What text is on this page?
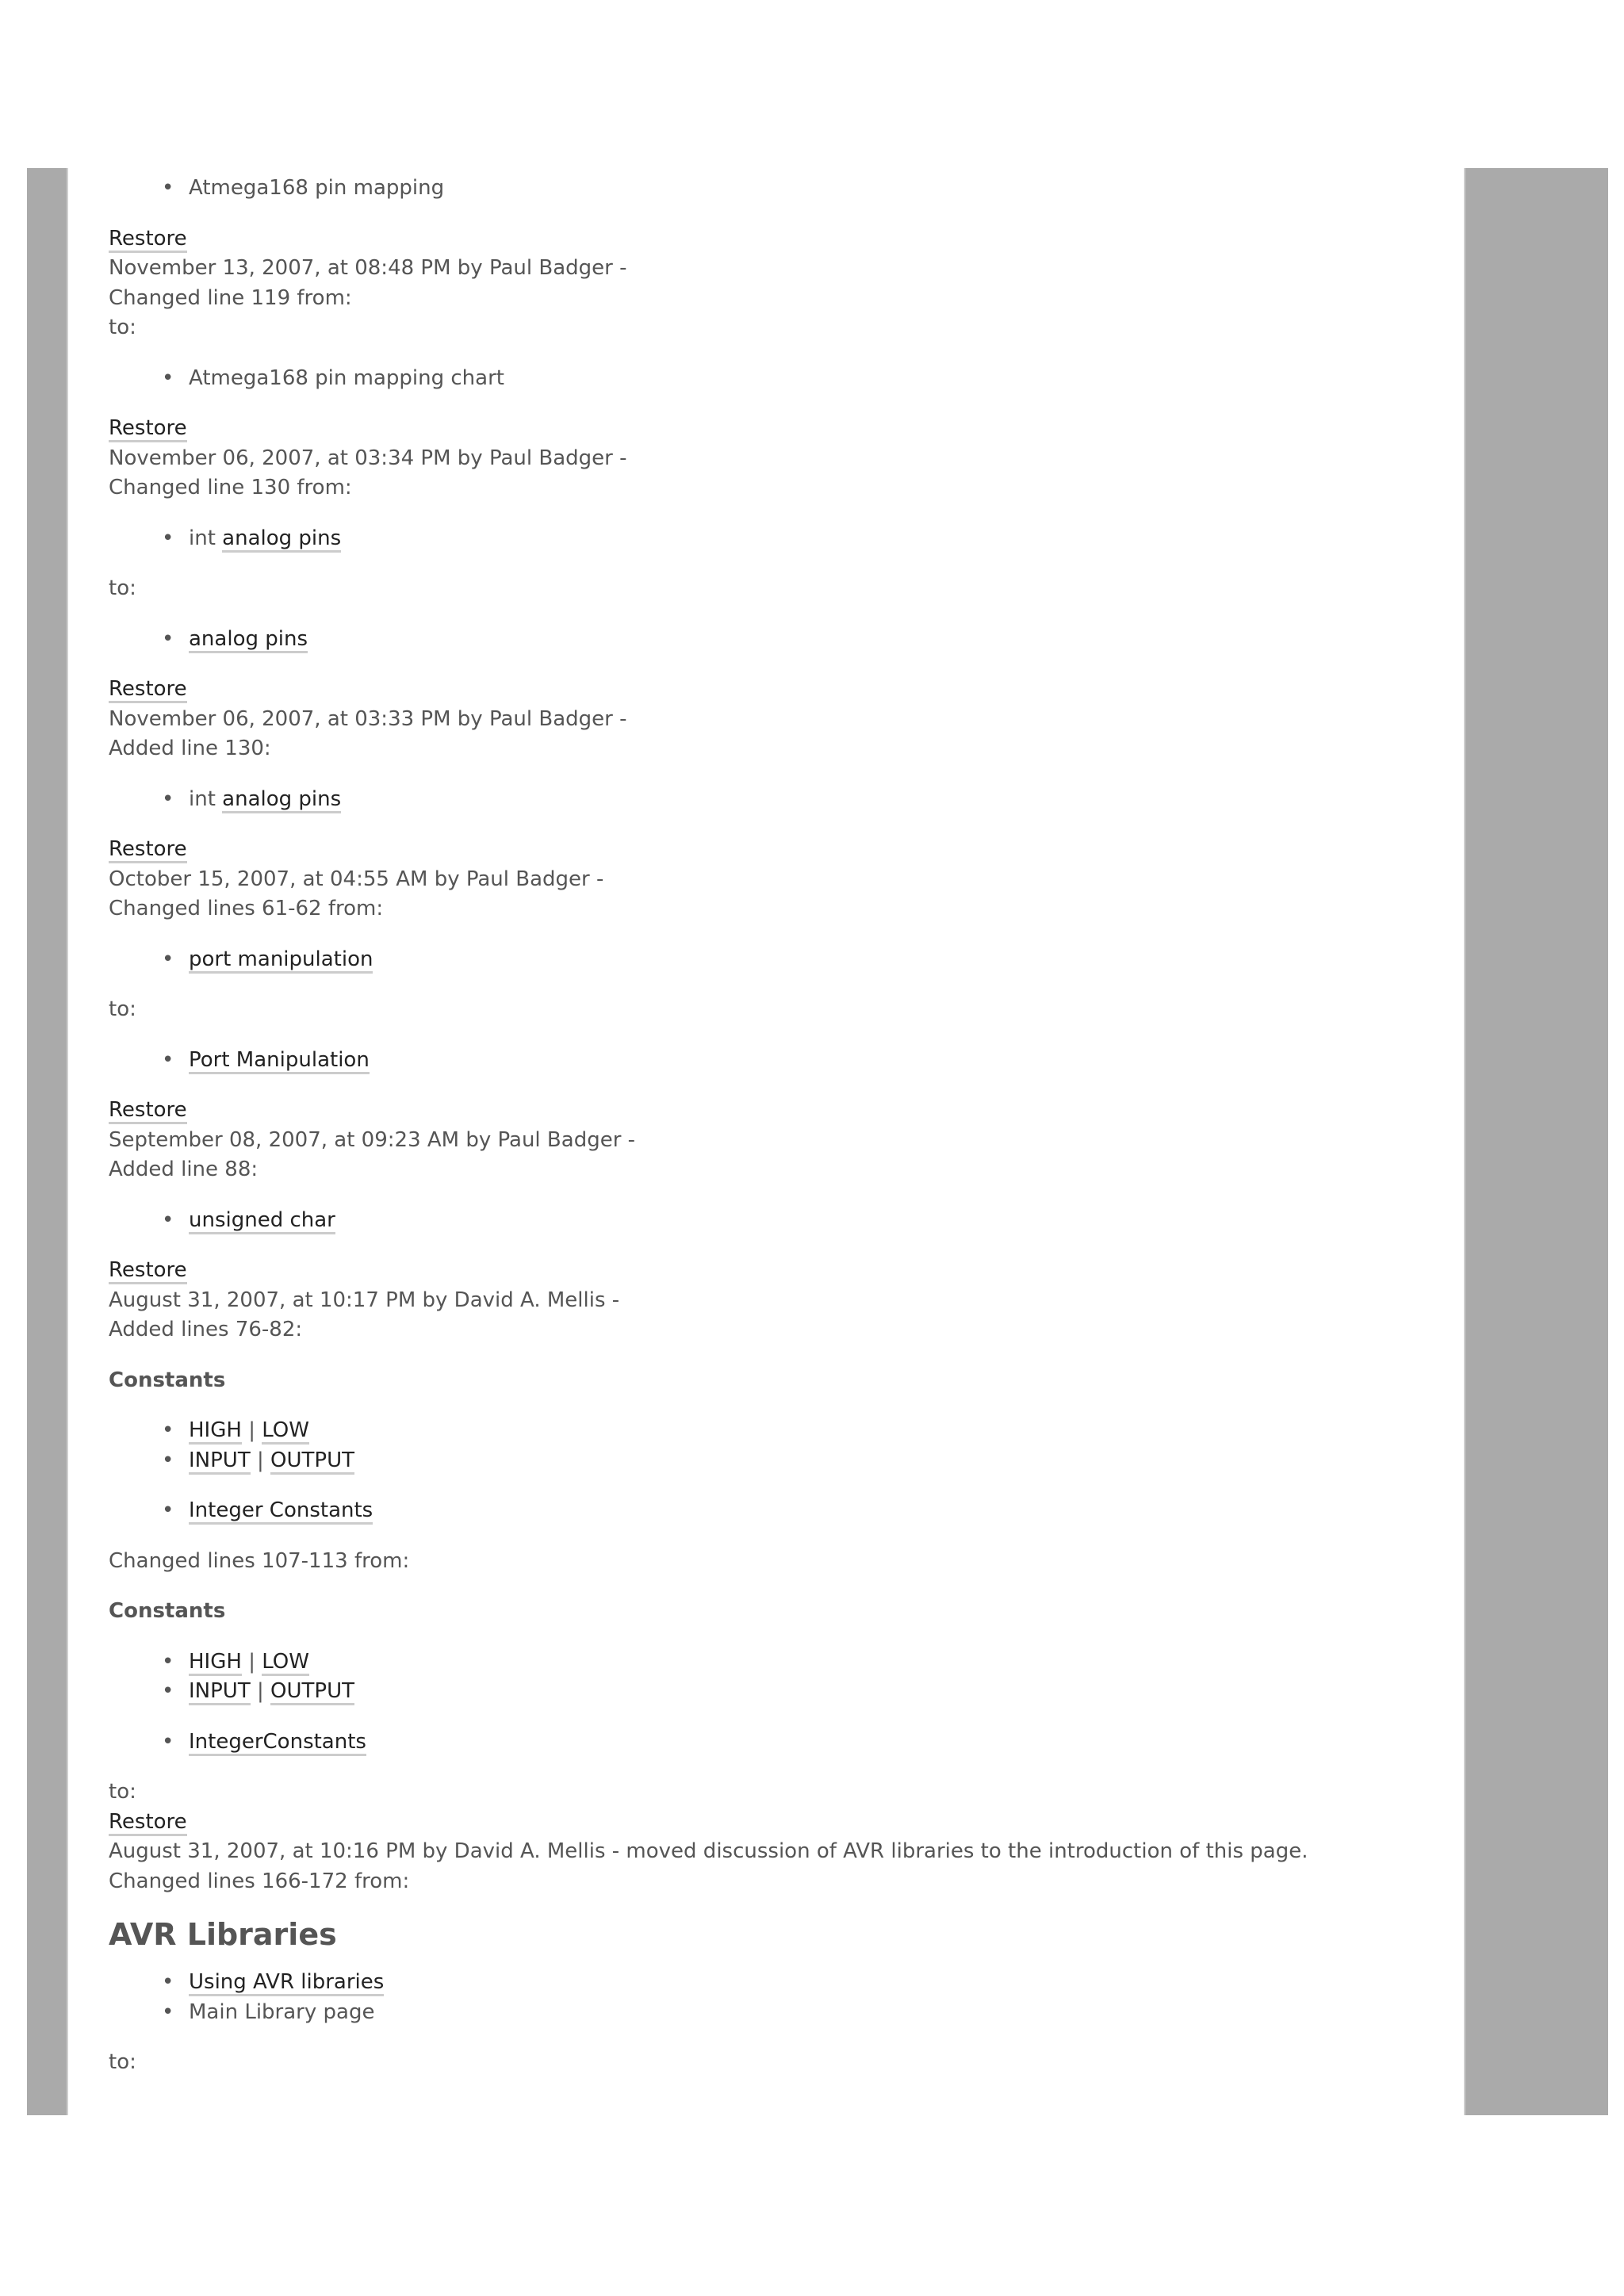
• Atmega168 pin mapping

Restore

November 13, 2007, at 08:48 PM by Paul Badger -

Changed line 119 from:

to:

• Atmega168 pin mapping chart

Restore

November 06, 2007, at 03:34 PM by Paul Badger -

Changed line 130 from:

• int analog pins

to:

• analog pins

Restore

November 06, 2007, at 03:33 PM by Paul Badger -

Added line 130:

• int analog pins

Restore

October 15, 2007, at 04:55 AM by Paul Badger -

Changed lines 61-62 from:

• port manipulation

to:

• Port Manipulation

Restore

September 08, 2007, at 09:23 AM by Paul Badger -

Added line 88:

• unsigned char

Restore

August 31, 2007, at 10:17 PM by David A. Mellis -

Added lines 76-82:

Constants

• HIGH | LOW
• INPUT | OUTPUT
• Integer Constants

Changed lines 107-113 from:

Constants

• HIGH | LOW
• INPUT | OUTPUT
• IntegerConstants

to:

Restore

August 31, 2007, at 10:16 PM by David A. Mellis - moved discussion of AVR libraries to the introduction of this page.

Changed lines 166-172 from:

AVR Libraries

• Using AVR libraries
• Main Library page

to:
